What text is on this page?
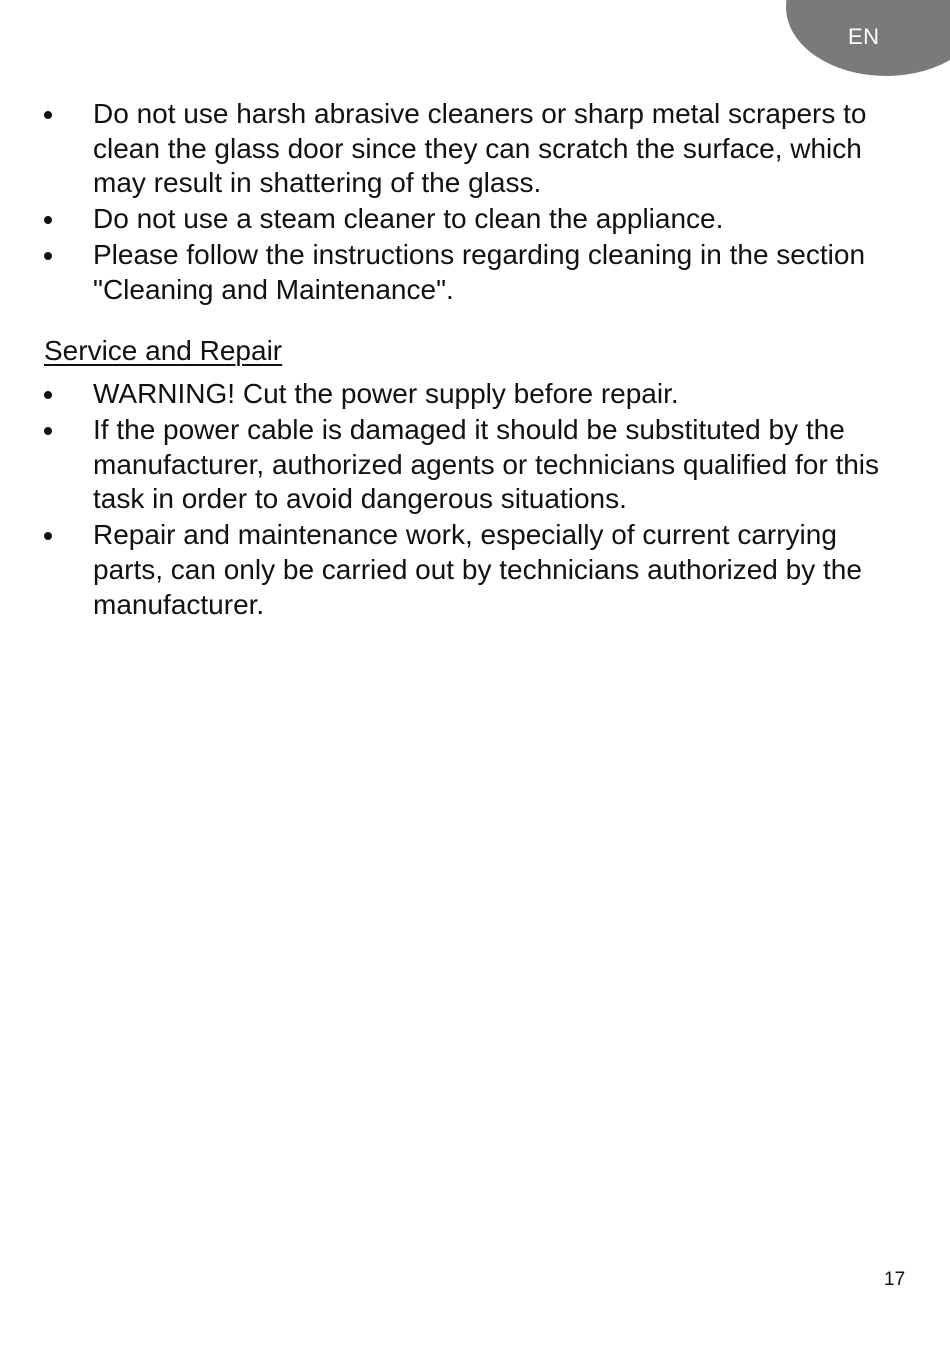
EN
Do not use harsh abrasive cleaners or sharp metal scrapers to clean the glass door since they can scratch the surface, which may result in shattering of the glass.
Do not use a steam cleaner to clean the appliance.
Please follow the instructions regarding cleaning in the section "Cleaning and Maintenance".
Service and Repair
WARNING! Cut the power supply before repair.
If the power cable is damaged it should be substituted by the manufacturer, authorized agents or technicians qualified for this task in order to avoid dangerous situations.
Repair and maintenance work, especially of current carrying parts, can only be carried out by technicians authorized by the manufacturer.
17
